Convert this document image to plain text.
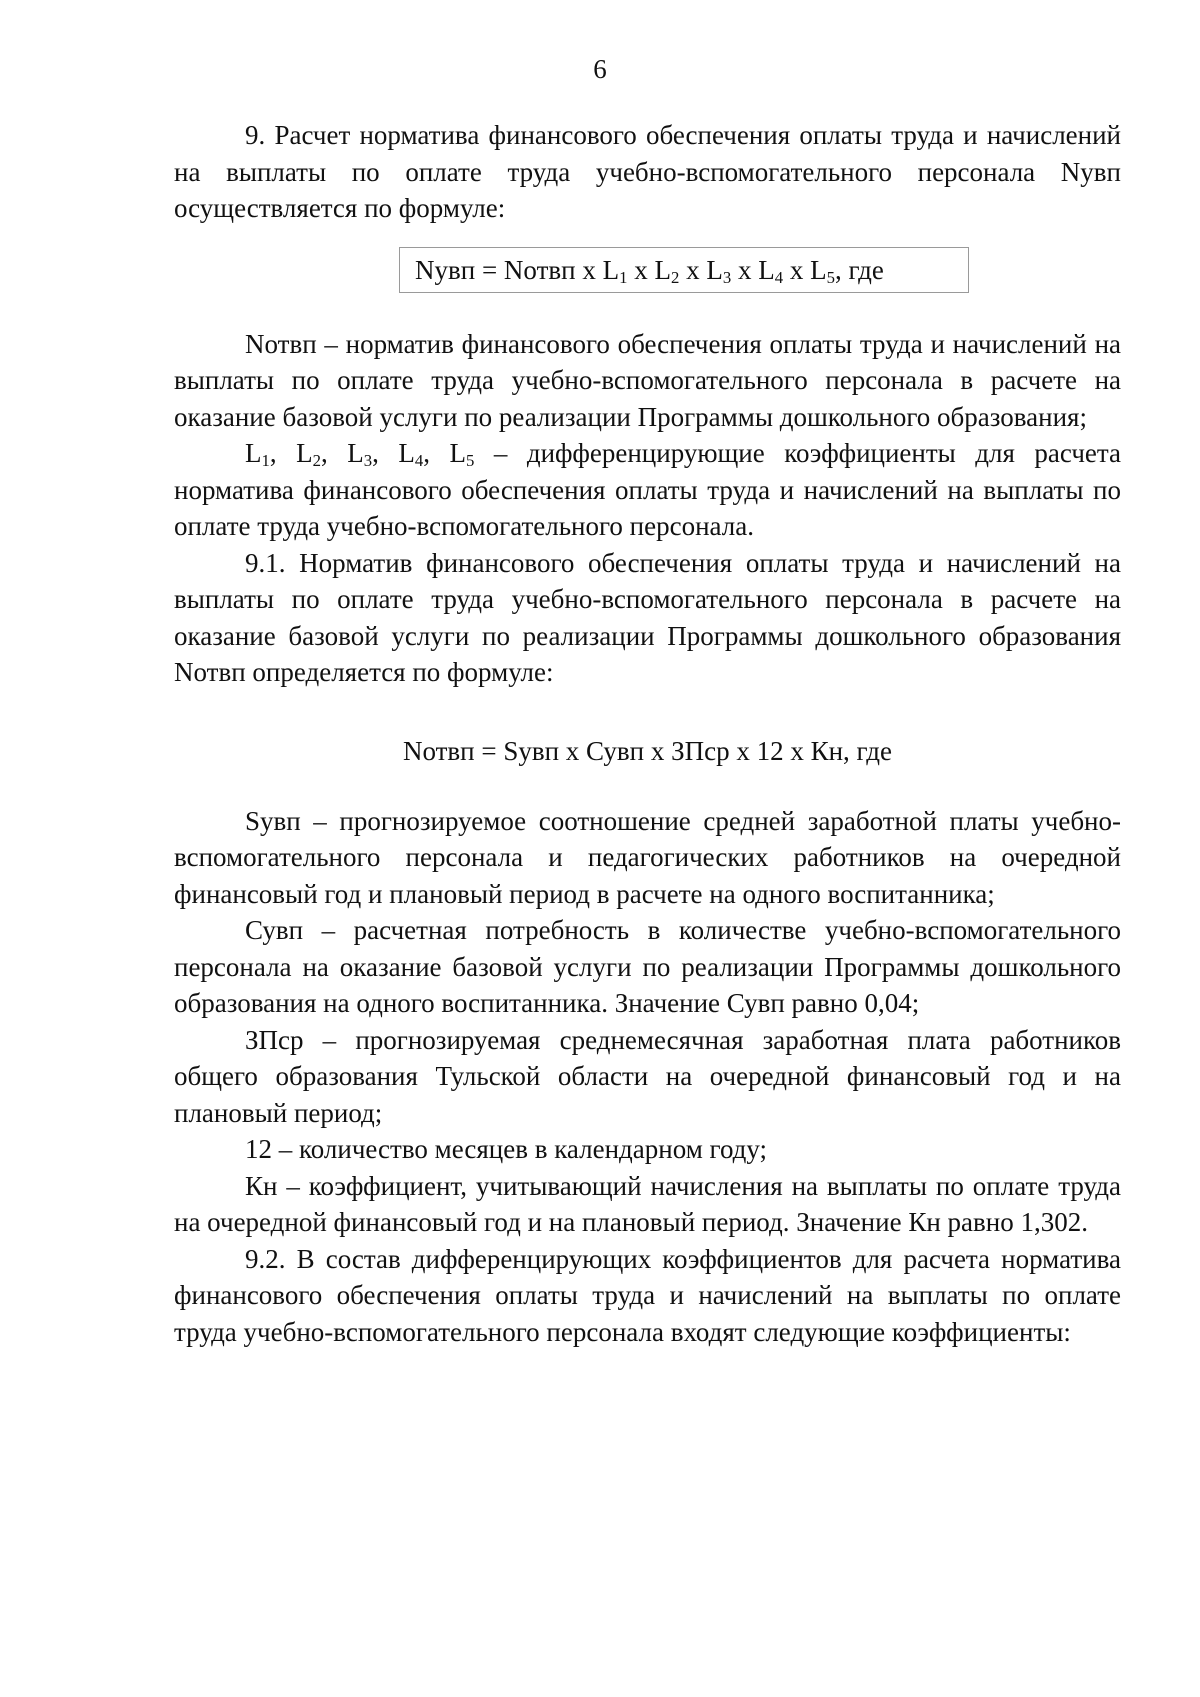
6

9. Расчет норматива финансового обеспечения оплаты труда и начислений на выплаты по оплате труда учебно-вспомогательного персонала Nувп осуществляется по формуле:

Nувп = Nотвп х $L_1$ х $L_2$ х $L_3$ х $L_4$ х $L_5$, где

Nотвп – норматив финансового обеспечения оплаты труда и начислений на выплаты по оплате труда учебно-вспомогательного персонала в расчете на оказание базовой услуги по реализации Программы дошкольного образования;

$L_1$, $L_2$, $L_3$, $L_4$, $L_5$ – дифференцирующие коэффициенты для расчета норматива финансового обеспечения оплаты труда и начислений на выплаты по оплате труда учебно-вспомогательного персонала.

9.1. Норматив финансового обеспечения оплаты труда и начислений на выплаты по оплате труда учебно-вспомогательного персонала в расчете на оказание базовой услуги по реализации Программы дошкольного образования Nотвп определяется по формуле:

Nотвп = Sувп х Сувп х ЗПср х 12 х Кн, где

Sувп – прогнозируемое соотношение средней заработной платы учебно-вспомогательного персонала и педагогических работников на очередной финансовый год и плановый период в расчете на одного воспитанника;

Сувп – расчетная потребность в количестве учебно-вспомогательного персонала на оказание базовой услуги по реализации Программы дошкольного образования на одного воспитанника. Значение Сувп равно 0,04;

ЗПср – прогнозируемая среднемесячная заработная плата работников общего образования Тульской области на очередной финансовый год и на плановый период;

12 – количество месяцев в календарном году;

Кн – коэффициент, учитывающий начисления на выплаты по оплате труда на очередной финансовый год и на плановый период. Значение Кн равно 1,302.

9.2. В состав дифференцирующих коэффициентов для расчета норматива финансового обеспечения оплаты труда и начислений на выплаты по оплате труда учебно-вспомогательного персонала входят следующие коэффициенты:
